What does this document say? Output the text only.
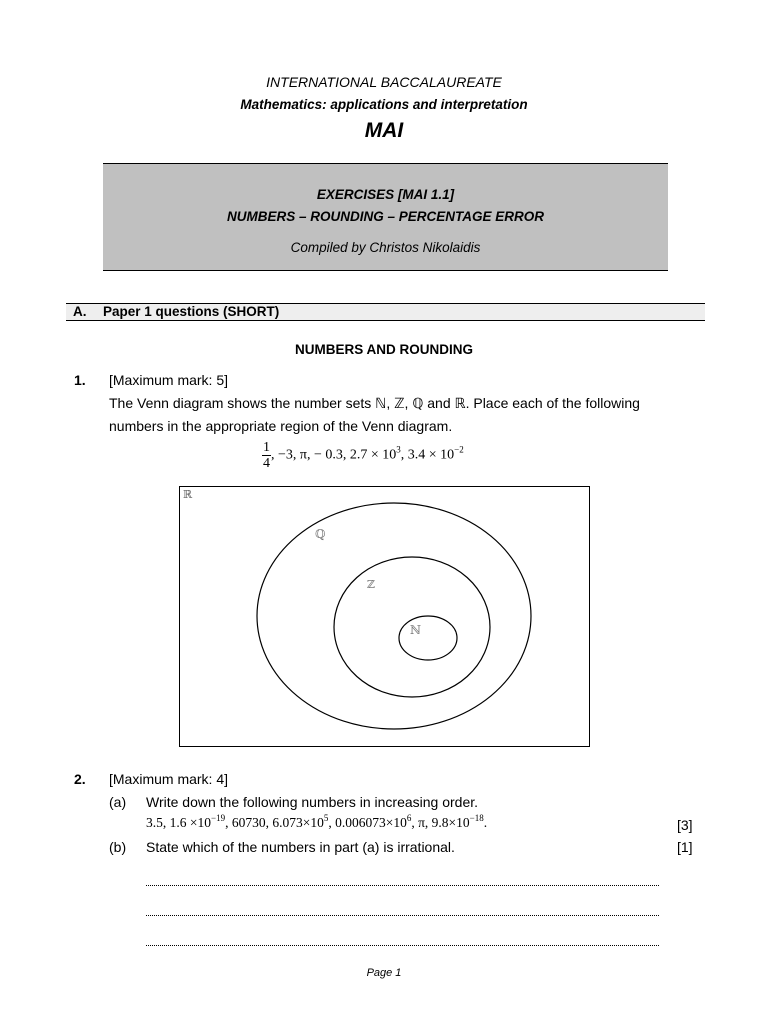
INTERNATIONAL BACCALAUREATE
Mathematics: applications and interpretation
MAI
EXERCISES [MAI 1.1]
NUMBERS – ROUNDING – PERCENTAGE ERROR
Compiled by Christos Nikolaidis
A. Paper 1 questions (SHORT)
NUMBERS AND ROUNDING
1. [Maximum mark: 5]
The Venn diagram shows the number sets ℕ, ℤ, ℚ and ℝ. Place each of the following
numbers in the appropriate region of the Venn diagram.
$\frac{1}{4}$ , −3, π, − 0.3, $2.7 \times 10^3$, $3.4 \times 10^{-2}$
ℝ
ℚ
ℤ
ℕ
2. [Maximum mark: 4]
(a) Write down the following numbers in increasing order.
3.5, $1.6 \times 10^{-19}$, 60730, $6.073\times 10^5$, $0.006073\times 10^6$, π, $9.8\times 10^{-18}$.	[3]
(b) State which of the numbers in part (a) is irrational.	[1]
Page 1
